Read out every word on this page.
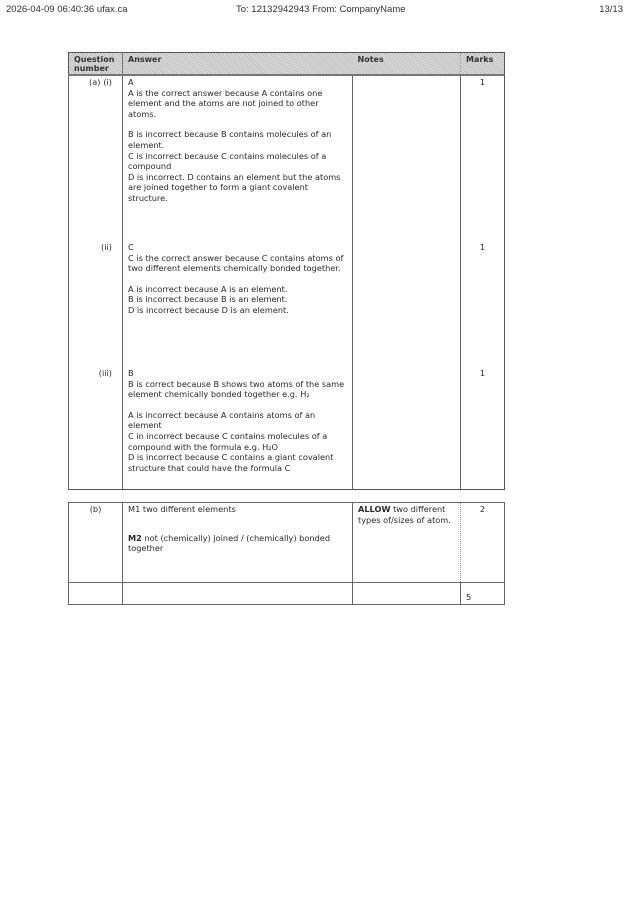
2026-04-09 06:40:36 ufax.ca	To: 12132942943 From: CompanyName	13/13
Question number	Answer	Notes	Marks

(a) (i)	A

A is the correct answer because A contains one element and the atoms are not joined to other atoms.

B is incorrect because B contains molecules of an element.

C is incorrect because C contains molecules of a compound

D is incorrect. D contains an element but the atoms are joined together to form a giant covalent structure.

		1

(ii)	C

C is the correct answer because C contains atoms of two different elements chemically bonded together.

A is incorrect because A is an element.

B is incorrect because B is an element.

D is incorrect because D is an element.		1

(iii)	B

B is correct because B shows two atoms of the same element chemically bonded together e.g. H₂

A is incorrect because A contains atoms of an element

C in incorrect because C contains molecules of a compound with the formula e.g. H₂O

D is incorrect because C contains a giant covalent structure that could have the formula C		1
(b)	M1 two different elements

M2 not (chemically) joined / (chemically) bonded together	ALLOW two different types of/sizes of atom.	2
			5
